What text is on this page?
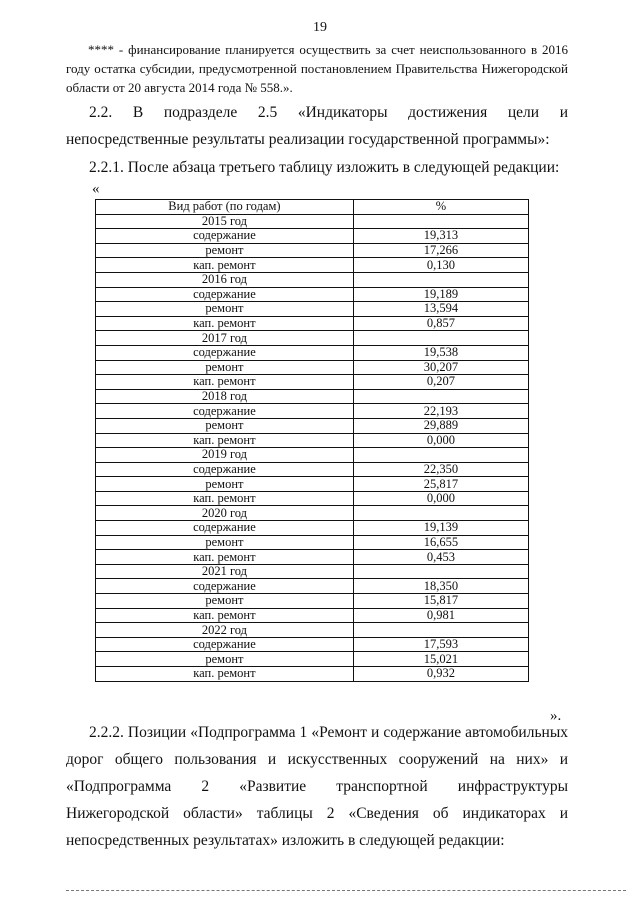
19
**** - финансирование планируется осуществить за счет неиспользованного в 2016 году остатка субсидии, предусмотренной постановлением Правительства Нижегородской области от 20 августа 2014 года № 558.».
2.2. В подразделе 2.5 «Индикаторы достижения цели и непосредственные результаты реализации государственной программы»:
2.2.1. После абзаца третьего таблицу изложить в следующей редакции:
«
Вид работ (по годам)	%
2015 год	
содержание	19,313
ремонт	17,266
кап. ремонт	0,130
2016 год	
содержание	19,189
ремонт	13,594
кап. ремонт	0,857
2017 год	
содержание	19,538
ремонт	30,207
кап. ремонт	0,207
2018 год	
содержание	22,193
ремонт	29,889
кап. ремонт	0,000
2019 год	
содержание	22,350
ремонт	25,817
кап. ремонт	0,000
2020 год	
содержание	19,139
ремонт	16,655
кап. ремонт	0,453
2021 год	
содержание	18,350
ремонт	15,817
кап. ремонт	0,981
2022 год	
содержание	17,593
ремонт	15,021
кап. ремонт	0,932
».
2.2.2. Позиции «Подпрограмма 1 «Ремонт и содержание автомобильных дорог общего пользования и искусственных сооружений на них» и «Подпрограмма 2 «Развитие транспортной инфраструктуры Нижегородской области» таблицы 2 «Сведения об индикаторах и непосредственных результатах» изложить в следующей редакции:
